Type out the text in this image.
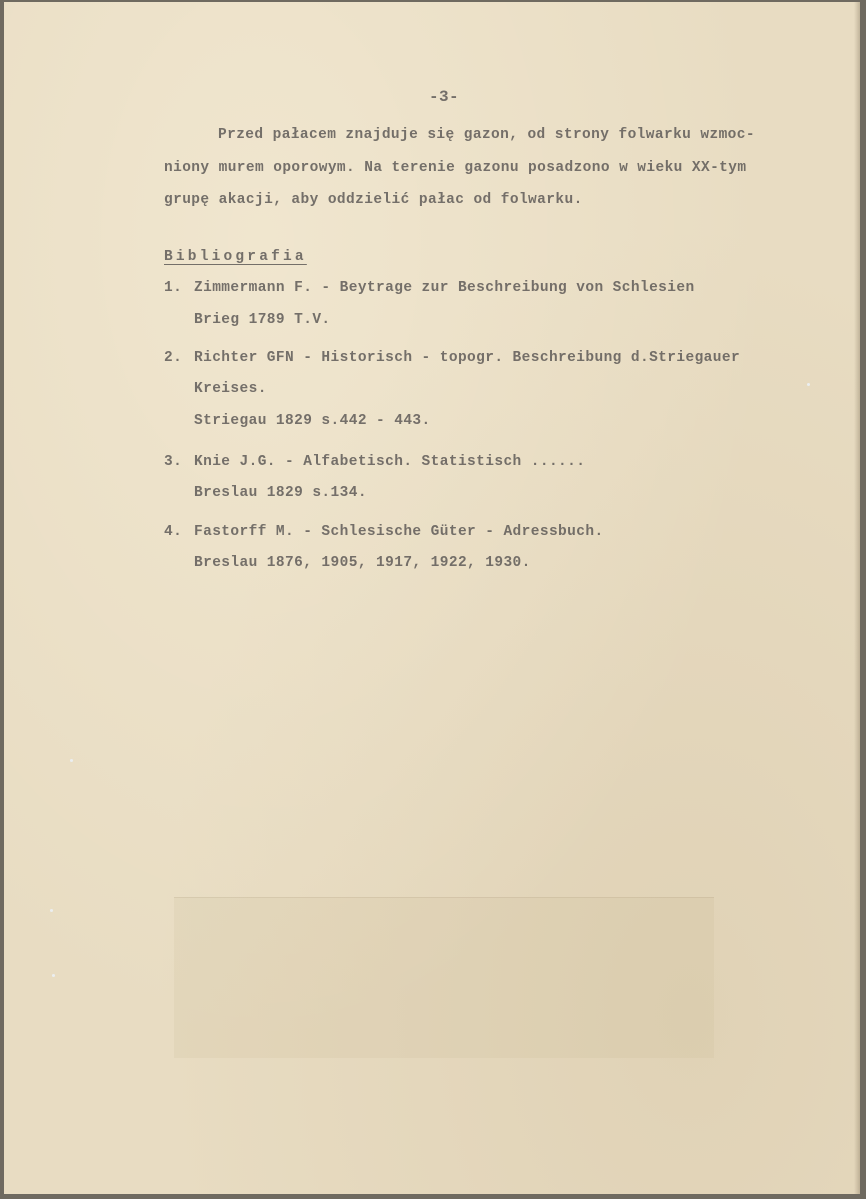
-3-
Przed pałacem znajduje się gazon, od strony folwarku wzmoc-
niony murem oporowym. Na terenie gazonu posadzono w wieku XX-tym
grupę akacji, aby oddzielić pałac od folwarku.
Bibliografia
1. Zimmermann F. - Beytrage zur Beschreibung von Schlesien
Brieg 1789 T.V.
2. Richter GFN - Historisch - topogr. Beschreibung d.Striegauer
Kreises.
Striegau 1829 s.442 - 443.
3. Knie J.G. - Alfabetisch. Statistisch ......
Breslau 1829 s.134.
4. Fastorff M. - Schlesische Güter - Adressbuch.
Breslau 1876, 1905, 1917, 1922, 1930.
